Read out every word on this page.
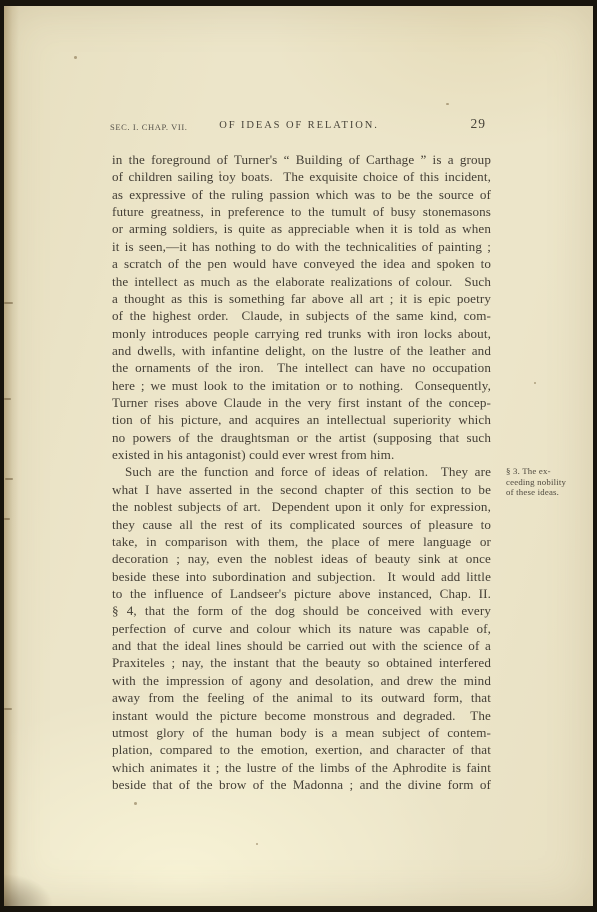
SEC. I. CHAP. VII.	OF IDEAS OF RELATION.	29
in the foreground of Turner's “ Building of Carthage ” is a group
of children sailing toy boats.  The exquisite choice of this incident,
as expressive of the ruling passion which was to be the source of
future greatness, in preference to the tumult of busy stonemasons
or arming soldiers, is quite as appreciable when it is told as when
it is seen,—it has nothing to do with the technicalities of painting ;
a scratch of the pen would have conveyed the idea and spoken to
the intellect as much as the elaborate realizations of colour.  Such
a thought as this is something far above all art ; it is epic poetry
of the highest order.  Claude, in subjects of the same kind, com-
monly introduces people carrying red trunks with iron locks about,
and dwells, with infantine delight, on the lustre of the leather and
the ornaments of the iron.  The intellect can have no occupation
here ; we must look to the imitation or to nothing.  Consequently,
Turner rises above Claude in the very first instant of the concep-
tion of his picture, and acquires an intellectual superiority which
no powers of the draughtsman or the artist (supposing that such
existed in his antagonist) could ever wrest from him.
Such are the function and force of ideas of relation.  They are
what I have asserted in the second chapter of this section to be
the noblest subjects of art.  Dependent upon it only for expression,
they cause all the rest of its complicated sources of pleasure to
take, in comparison with them, the place of mere language or
decoration ; nay, even the noblest ideas of beauty sink at once
beside these into subordination and subjection.  It would add little
to the influence of Landseer's picture above instanced, Chap. II.
§ 4, that the form of the dog should be conceived with every
perfection of curve and colour which its nature was capable of,
and that the ideal lines should be carried out with the science of a
Praxiteles ; nay, the instant that the beauty so obtained interfered
with the impression of agony and desolation, and drew the mind
away from the feeling of the animal to its outward form, that
instant would the picture become monstrous and degraded.  The
utmost glory of the human body is a mean subject of contem-
plation, compared to the emotion, exertion, and character of that
which animates it ; the lustre of the limbs of the Aphrodite is faint
beside that of the brow of the Madonna ; and the divine form of
§ 3. The ex-
ceeding nobility
of these ideas.
